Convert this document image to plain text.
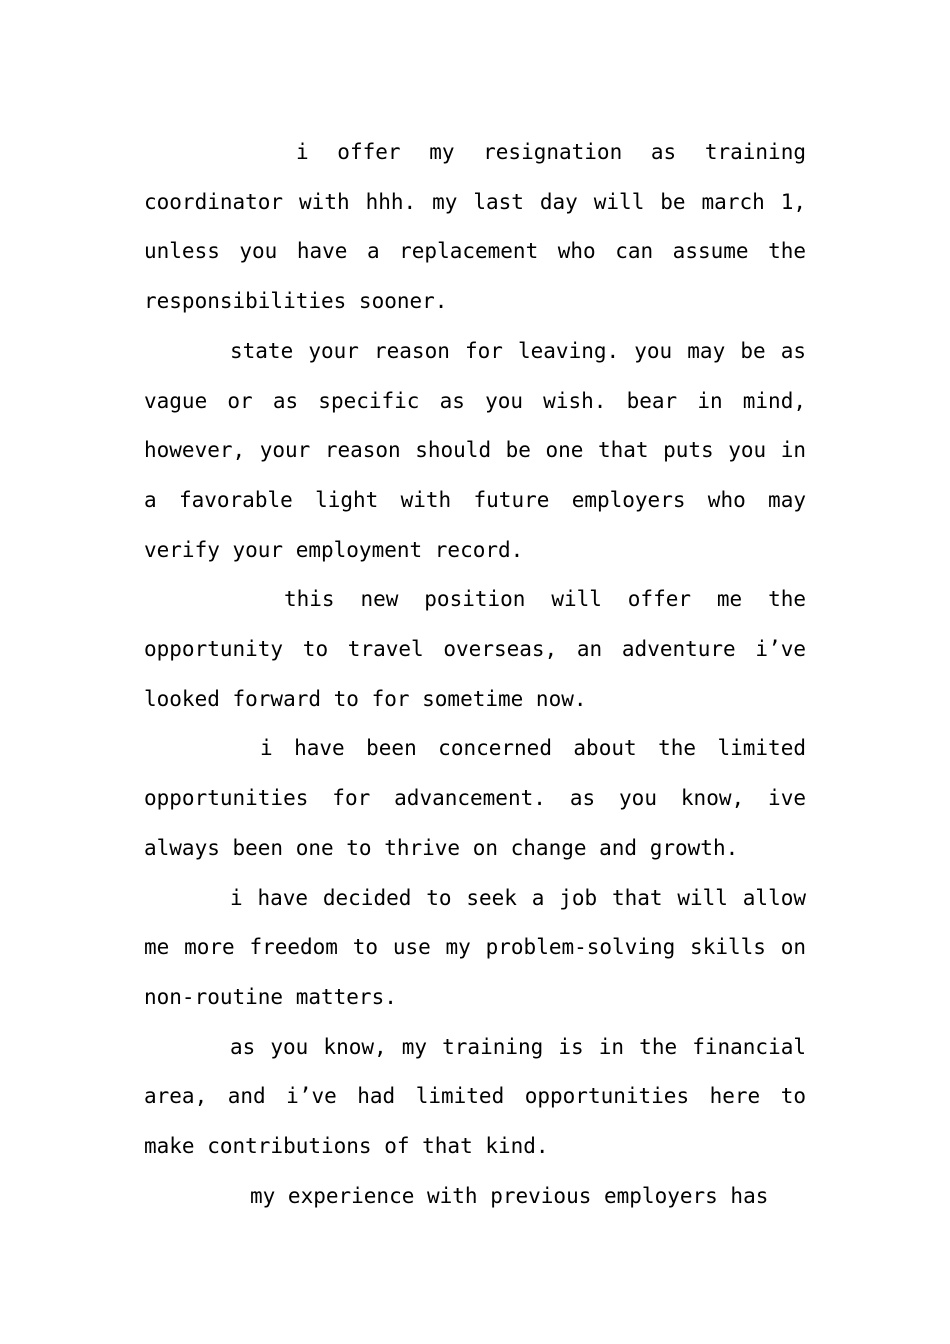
i offer my resignation as training coordinator with hhh. my last day will be march 1, unless you have a replacement who can assume the responsibilities sooner.

state your reason for leaving. you may be as vague or as specific as you wish. bear in mind, however, your reason should be one that puts you in a favorable light with future employers who may verify your employment record.

this new position will offer me the opportunity to travel overseas, an adventure i’ve looked forward to for sometime now.

i have been concerned about the limited opportunities for advancement. as you know, ive always been one to thrive on change and growth.

i have decided to seek a job that will allow me more freedom to use my problem-solving skills on non-routine matters.

as you know, my training is in the financial area, and i’ve had limited opportunities here to make contributions of that kind.

my experience with previous employers has
